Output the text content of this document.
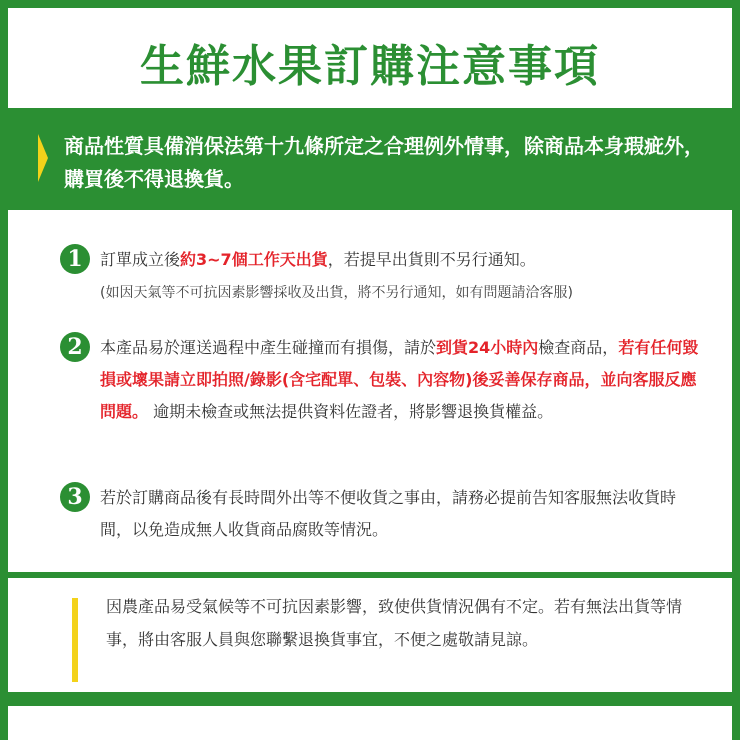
生鮮水果訂購注意事項
商品性質具備消保法第十九條所定之合理例外情事，除商品本身瑕疵外，購買後不得退換貨。
1	訂單成立後約3~7個工作天出貨，若提早出貨則不另行通知。
(如因天氣等不可抗因素影響採收及出貨，將不另行通知，如有問題請洽客服)
2	本產品易於運送過程中產生碰撞而有損傷，請於到貨24小時內檢查商品，若有任何毀損或壞果請立即拍照/錄影(含宅配單、包裝、內容物)後妥善保存商品，並向客服反應問題。 逾期未檢查或無法提供資料佐證者，將影響退換貨權益。
3	若於訂購商品後有長時間外出等不便收貨之事由，請務必提前告知客服無法收貨時間，以免造成無人收貨商品腐敗等情況。
因農產品易受氣候等不可抗因素影響，致使供貨情況偶有不定。若有無法出貨等情事，將由客服人員與您聯繫退換貨事宜，不便之處敬請見諒。
